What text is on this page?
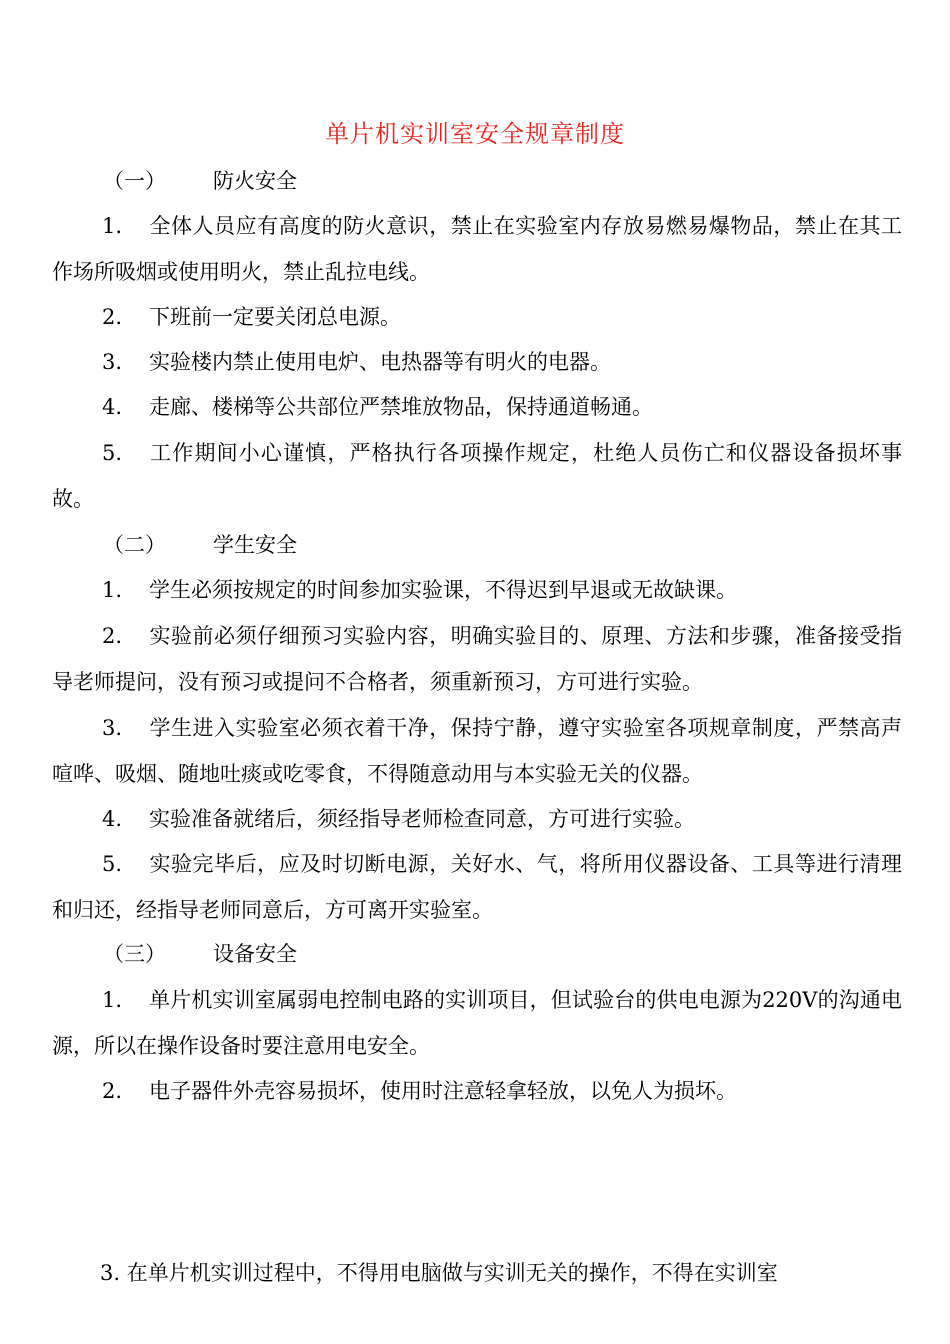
单片机实训室安全规章制度
（一） 防火安全
1. 全体人员应有高度的防火意识，禁止在实验室内存放易燃易爆物品，禁止在其工作场所吸烟或使用明火，禁止乱拉电线。
2. 下班前一定要关闭总电源。
3. 实验楼内禁止使用电炉、电热器等有明火的电器。
4. 走廊、楼梯等公共部位严禁堆放物品，保持通道畅通。
5. 工作期间小心谨慎，严格执行各项操作规定，杜绝人员伤亡和仪器设备损坏事故。
（二） 学生安全
1. 学生必须按规定的时间参加实验课，不得迟到早退或无故缺课。
2. 实验前必须仔细预习实验内容，明确实验目的、原理、方法和步骤，准备接受指导老师提问，没有预习或提问不合格者，须重新预习，方可进行实验。
3. 学生进入实验室必须衣着干净，保持宁静，遵守实验室各项规章制度，严禁高声喧哗、吸烟、随地吐痰或吃零食，不得随意动用与本实验无关的仪器。
4. 实验准备就绪后，须经指导老师检查同意，方可进行实验。
5. 实验完毕后，应及时切断电源，关好水、气，将所用仪器设备、工具等进行清理和归还，经指导老师同意后，方可离开实验室。
（三） 设备安全
1. 单片机实训室属弱电控制电路的实训项目，但试验台的供电电源为220V的沟通电源，所以在操作设备时要注意用电安全。
2. 电子器件外壳容易损坏，使用时注意轻拿轻放，以免人为损坏。
3. 在单片机实训过程中，不得用电脑做与实训无关的操作，不得在实训室
